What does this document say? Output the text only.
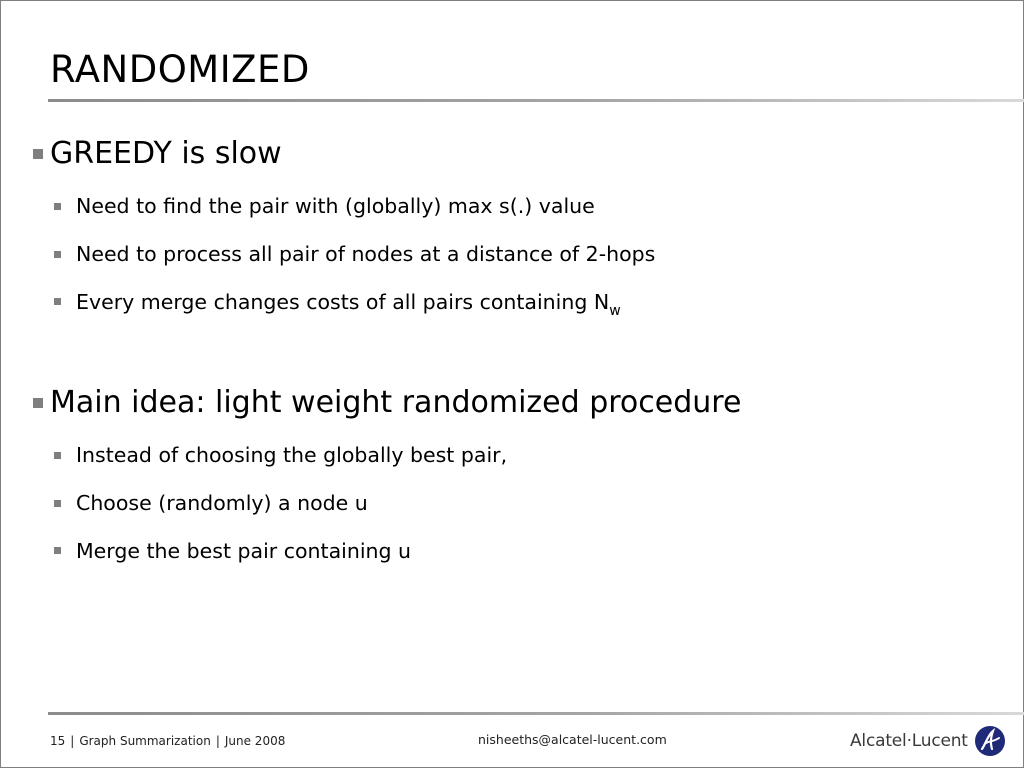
RANDOMIZED
GREEDY is slow
Need to find the pair with (globally) max s(.) value
Need to process all pair of nodes at a distance of 2-hops
Every merge changes costs of all pairs containing $N_w$
Main idea: light weight randomized procedure
Instead of choosing the globally best pair,
Choose (randomly) a node u
Merge the best pair containing u
15 | Graph Summarization | June 2008	nisheeths@alcatel-lucent.com	Alcatel·Lucent
